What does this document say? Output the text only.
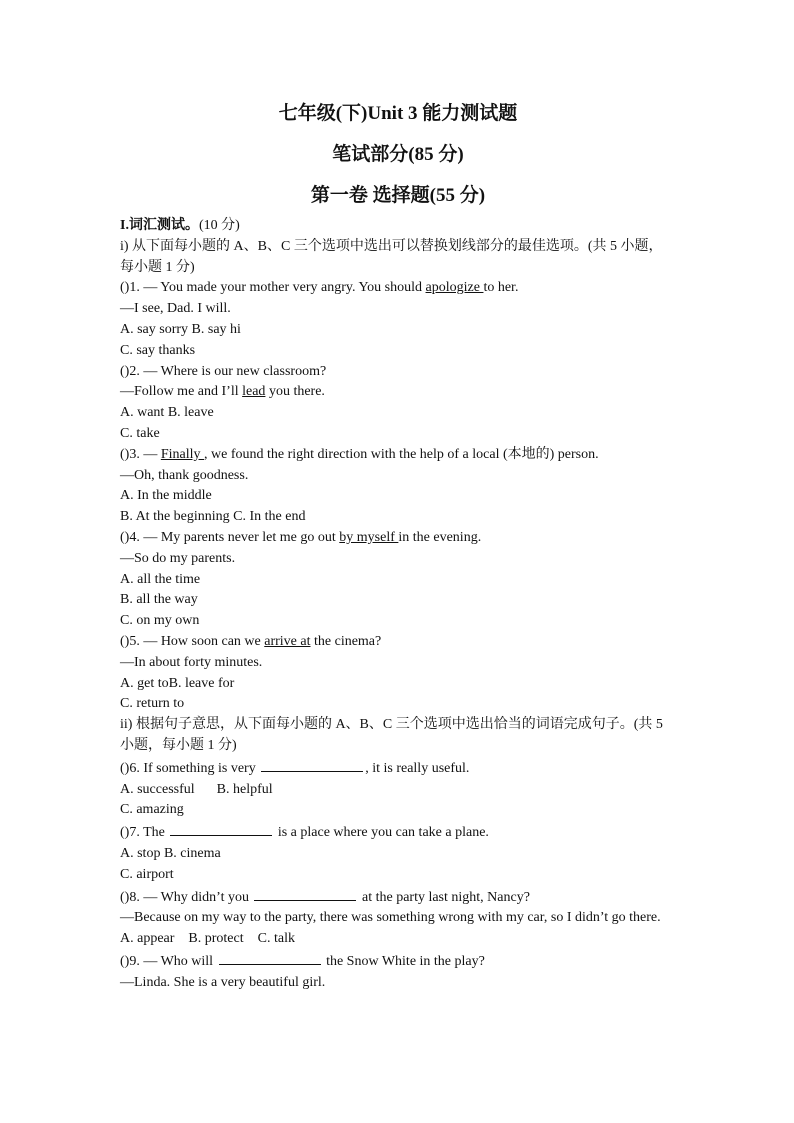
七年级(下)Unit 3 能力测试题
笔试部分(85 分)
第一卷 选择题(55 分)
I.词汇测试。(10 分)
i) 从下面每小题的 A、B、C 三个选项中选出可以替换划线部分的最佳选项。(共 5 小题，每小题 1 分)
()1. — You made your mother very angry. You should apologize to her.
—I see, Dad. I will.
A. say sorry B. say hi
C. say thanks
()2. — Where is our new classroom?
—Follow me and I’ll lead you there.
A. want B. leave
C. take
()3. — Finally , we found the right direction with the help of a local (本地的) person.
—Oh, thank goodness.
A. In the middle
B. At the beginning C. In the end
()4. — My parents never let me go out by myself in the evening.
—So do my parents.
A. all the time
B. all the way
C. on my own
()5. — How soon can we arrive at the cinema?
—In about forty minutes.
A. get toB. leave for
C. return to
ii) 根据句子意思，从下面每小题的 A、B、C 三个选项中选出恰当的词语完成句子。(共 5 小题，每小题 1 分)
()6. If something is very	, it is really useful.
A. successful B. helpful
C. amazing
()7. The	is a place where you can take a plane.
A. stop B. cinema
C. airport
()8. — Why didn’t you	at the party last night, Nancy?
—Because on my way to the party, there was something wrong with my car, so I didn’t go there.
A. appear B. protect C. talk
()9. — Who will	the Snow White in the play?
—Linda. She is a very beautiful girl.
